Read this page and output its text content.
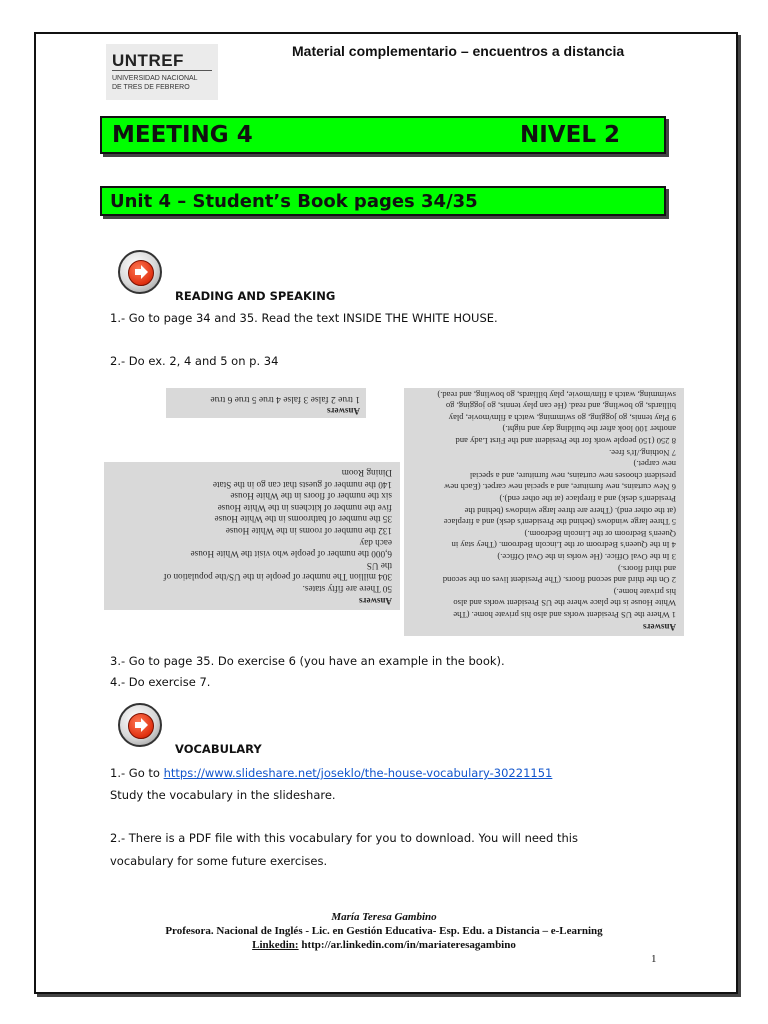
UNTREF
UNIVERSIDAD NACIONAL
DE TRES DE FEBRERO
Material complementario – encuentros a distancia
MEETING 4	NIVEL 2
Unit 4 – Student’s Book pages 34/35
READING AND SPEAKING
1.- Go to page 34 and 35. Read the text INSIDE THE WHITE HOUSE.
2.- Do ex. 2, 4 and 5 on p. 34
Answers
1 true 2 false 3 false 4 true 5 true 6 true
Answers
50 There are fifty states.
304 million The number of people in the US/the population of
the US
6,000 the number of people who visit the White House
each day
132 the number of rooms in the White House
35 the number of bathrooms in the White House
five the number of kitchens in the White House
six the number of floors in the White House
140 the number of guests that can go in the State
Dining Room
Answers
1 Where the US President works and also his private home. (The
White House is the place where the US President works and also
his private home.)
2 On the third and second floors. (The President lives on the second
and third floors.)
3 In the Oval Office. (He works in the Oval Office.)
4 In the Queen's Bedroom or the Lincoln Bedroom. (They stay in
Queen's Bedroom or the Lincoln Bedroom.)
5 Three large windows (behind the President's desk) and a fireplace
(at the other end). (There are three large windows (behind the
President's desk) and a fireplace (at the other end).)
6 New curtains, new furniture, and a special new carpet. (Each new
president chooses new curtains, new furniture, and a special
new carpet.)
7 Nothing./It's free.
8 250 (150 people work for the President and the First Lady and
another 100 look after the building day and night.)
9 Play tennis, go jogging, go swimming, watch a film/movie, play
billiards, go bowling, and read. (He can play tennis, go jogging, go
swimming, watch a film/movie, play billiards, go bowling, and read.)
3.- Go to page 35. Do exercise 6 (you have an example in the book).
4.- Do exercise 7.
VOCABULARY
1.- Go to https://www.slideshare.net/joseklo/the-house-vocabulary-30221151
Study the vocabulary in the slideshare.
2.- There is a PDF file with this vocabulary for you to download. You will need this
vocabulary for some future exercises.
María Teresa Gambino
Profesora. Nacional de Inglés - Lic. en Gestión Educativa- Esp. Edu. a Distancia – e-Learning
Linkedin: http://ar.linkedin.com/in/mariateresagambino
1
